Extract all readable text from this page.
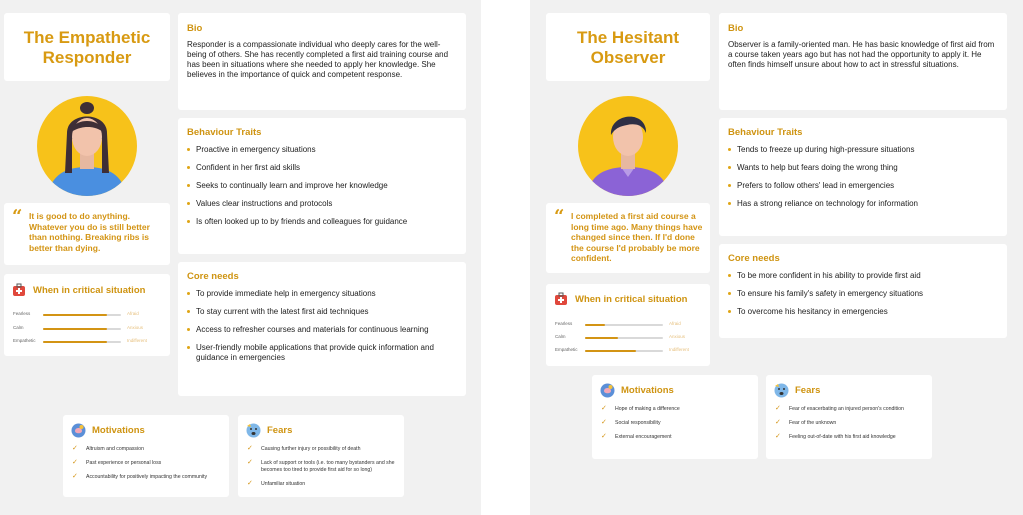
The Empathetic
Responder
“ It is good to do anything. Whatever you do is still better than nothing. Breaking ribs is better than dying.
When in critical situation
Fearless	Afraid
Calm	Anxious
Empathetic	Indifferent
Bio
Responder is a compassionate individual who deeply cares for the well-being of others. She has recently completed a first aid training course and has been in situations where she needed to apply her knowledge. She believes in the importance of quick and competent response.
Behaviour Traits
Proactive in emergency situations
Confident in her first aid skills
Seeks to continually learn and improve her knowledge
Values clear instructions and protocols
Is often looked up to by friends and colleagues for guidance
Core needs
To provide immediate help in emergency situations
To stay current with the latest first aid techniques
Access to refresher courses and materials for continuous learning
User-friendly mobile applications that provide quick information and guidance in emergencies
Motivations
✓ Altruism and compassion
✓ Past experience or personal loss
✓ Accountability for positively impacting the community
Fears
✓ Causing further injury or possibility of death
✓ Lack of support or tools (i.e. too many bystanders and she becomes too tired to provide first aid for so long)
✓ Unfamiliar situation
The Hesitant
Observer
“ I completed a first aid course a long time ago. Many things have changed since then. If I'd done the course I'd probably be more confident.
When in critical situation
Fearless	Afraid
Calm	Anxious
Empathetic	Indifferent
Bio
Observer is a family-oriented man. He has basic knowledge of first aid from a course taken years ago but has not had the opportunity to apply it. He often finds himself unsure about how to act in stressful situations.
Behaviour Traits
Tends to freeze up during high-pressure situations
Wants to help but fears doing the wrong thing
Prefers to follow others' lead in emergencies
Has a strong reliance on technology for information
Core needs
To be more confident in his ability to provide first aid
To ensure his family's safety in emergency situations
To overcome his hesitancy in emergencies
Motivations
✓ Hope of making a difference
✓ Social responsibility
✓ External encouragement
Fears
✓ Fear of exacerbating an injured person's condition
✓ Fear of the unknown
✓ Feeling out-of-date with his first aid knowledge
